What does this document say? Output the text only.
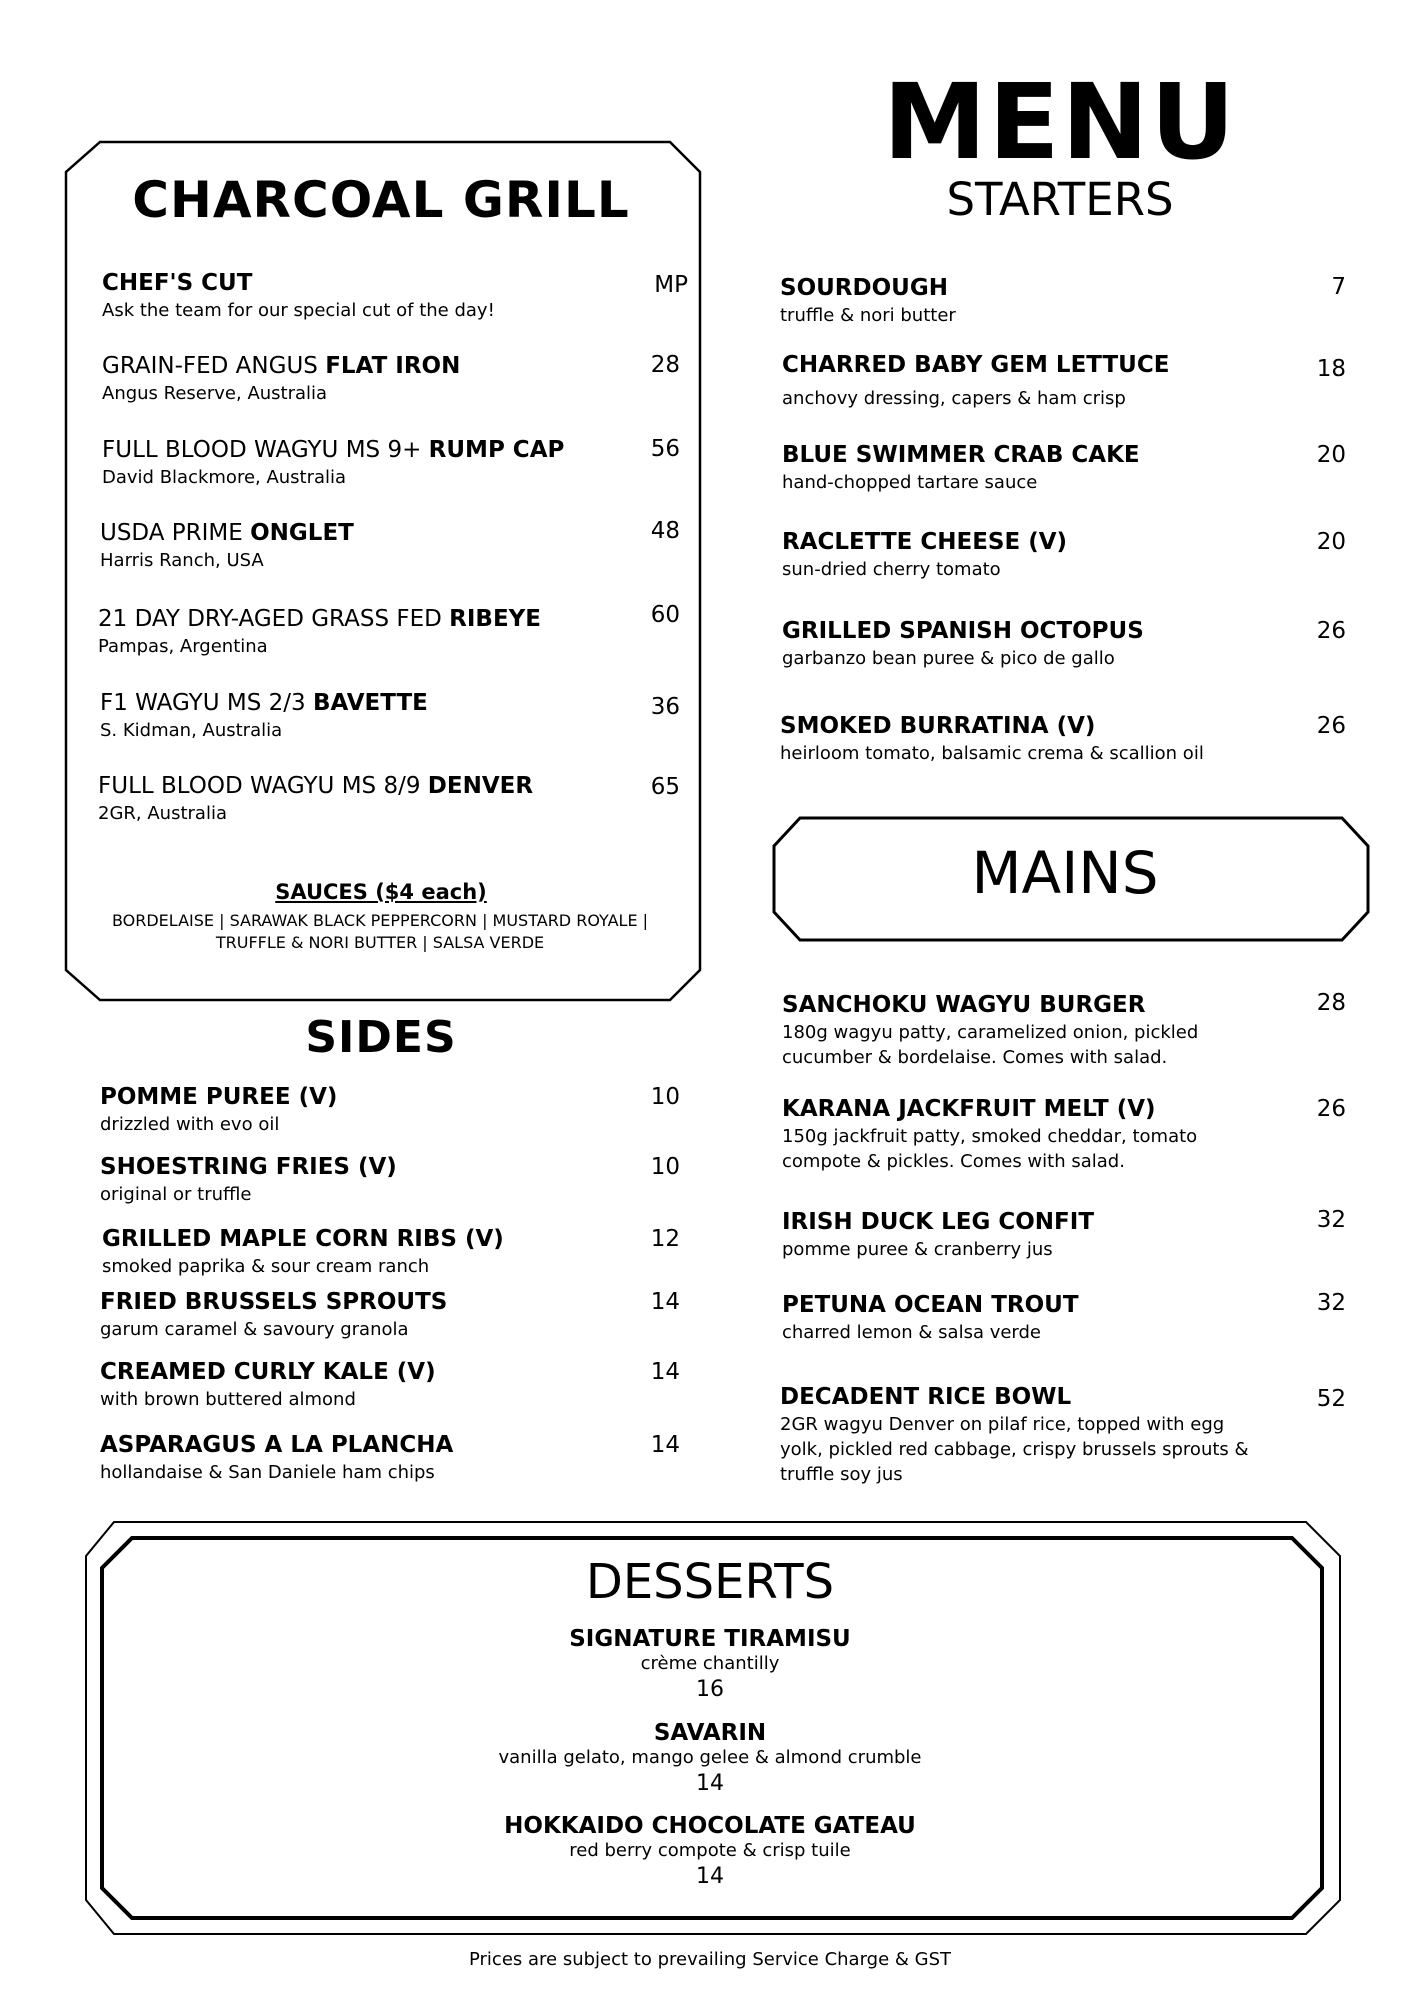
MENU
STARTERS
CHARCOAL GRILL
CHEF'S CUT
Ask the team for our special cut of the day!
MP
GRAIN-FED ANGUS FLAT IRON
Angus Reserve, Australia
28
FULL BLOOD WAGYU MS 9+ RUMP CAP
David Blackmore, Australia
56
USDA PRIME ONGLET
Harris Ranch, USA
48
21 DAY DRY-AGED GRASS FED RIBEYE
Pampas, Argentina
60
F1 WAGYU MS 2/3 BAVETTE
S. Kidman, Australia
36
FULL BLOOD WAGYU MS 8/9 DENVER
2GR, Australia
65
SAUCES ($4 each)
BORDELAISE | SARAWAK BLACK PEPPERCORN | MUSTARD ROYALE | TRUFFLE & NORI BUTTER | SALSA VERDE
SIDES
POMME PUREE (V)
drizzled with evo oil
10
SHOESTRING FRIES (V)
original or truffle
10
GRILLED MAPLE CORN RIBS (V)
smoked paprika & sour cream ranch
12
FRIED BRUSSELS SPROUTS
garum caramel & savoury granola
14
CREAMED CURLY KALE (V)
with brown buttered almond
14
ASPARAGUS A LA PLANCHA
hollandaise & San Daniele ham chips
14
SOURDOUGH
truffle & nori butter
7
CHARRED BABY GEM LETTUCE
anchovy dressing, capers & ham crisp
18
BLUE SWIMMER CRAB CAKE
hand-chopped tartare sauce
20
RACLETTE CHEESE (V)
sun-dried cherry tomato
20
GRILLED SPANISH OCTOPUS
garbanzo bean puree & pico de gallo
26
SMOKED BURRATINA (V)
heirloom tomato, balsamic crema & scallion oil
26
MAINS
SANCHOKU WAGYU BURGER
180g wagyu patty, caramelized onion, pickled cucumber & bordelaise. Comes with salad.
28
KARANA JACKFRUIT MELT (V)
150g jackfruit patty, smoked cheddar, tomato compote & pickles. Comes with salad.
26
IRISH DUCK LEG CONFIT
pomme puree & cranberry jus
32
PETUNA OCEAN TROUT
charred lemon & salsa verde
32
DECADENT RICE BOWL
2GR wagyu Denver on pilaf rice, topped with egg yolk, pickled red cabbage, crispy brussels sprouts & truffle soy jus
52
DESSERTS
SIGNATURE TIRAMISU
crème chantilly
16
SAVARIN
vanilla gelato, mango gelee & almond crumble
14
HOKKAIDO CHOCOLATE GATEAU
red berry compote & crisp tuile
14
Prices are subject to prevailing Service Charge & GST
